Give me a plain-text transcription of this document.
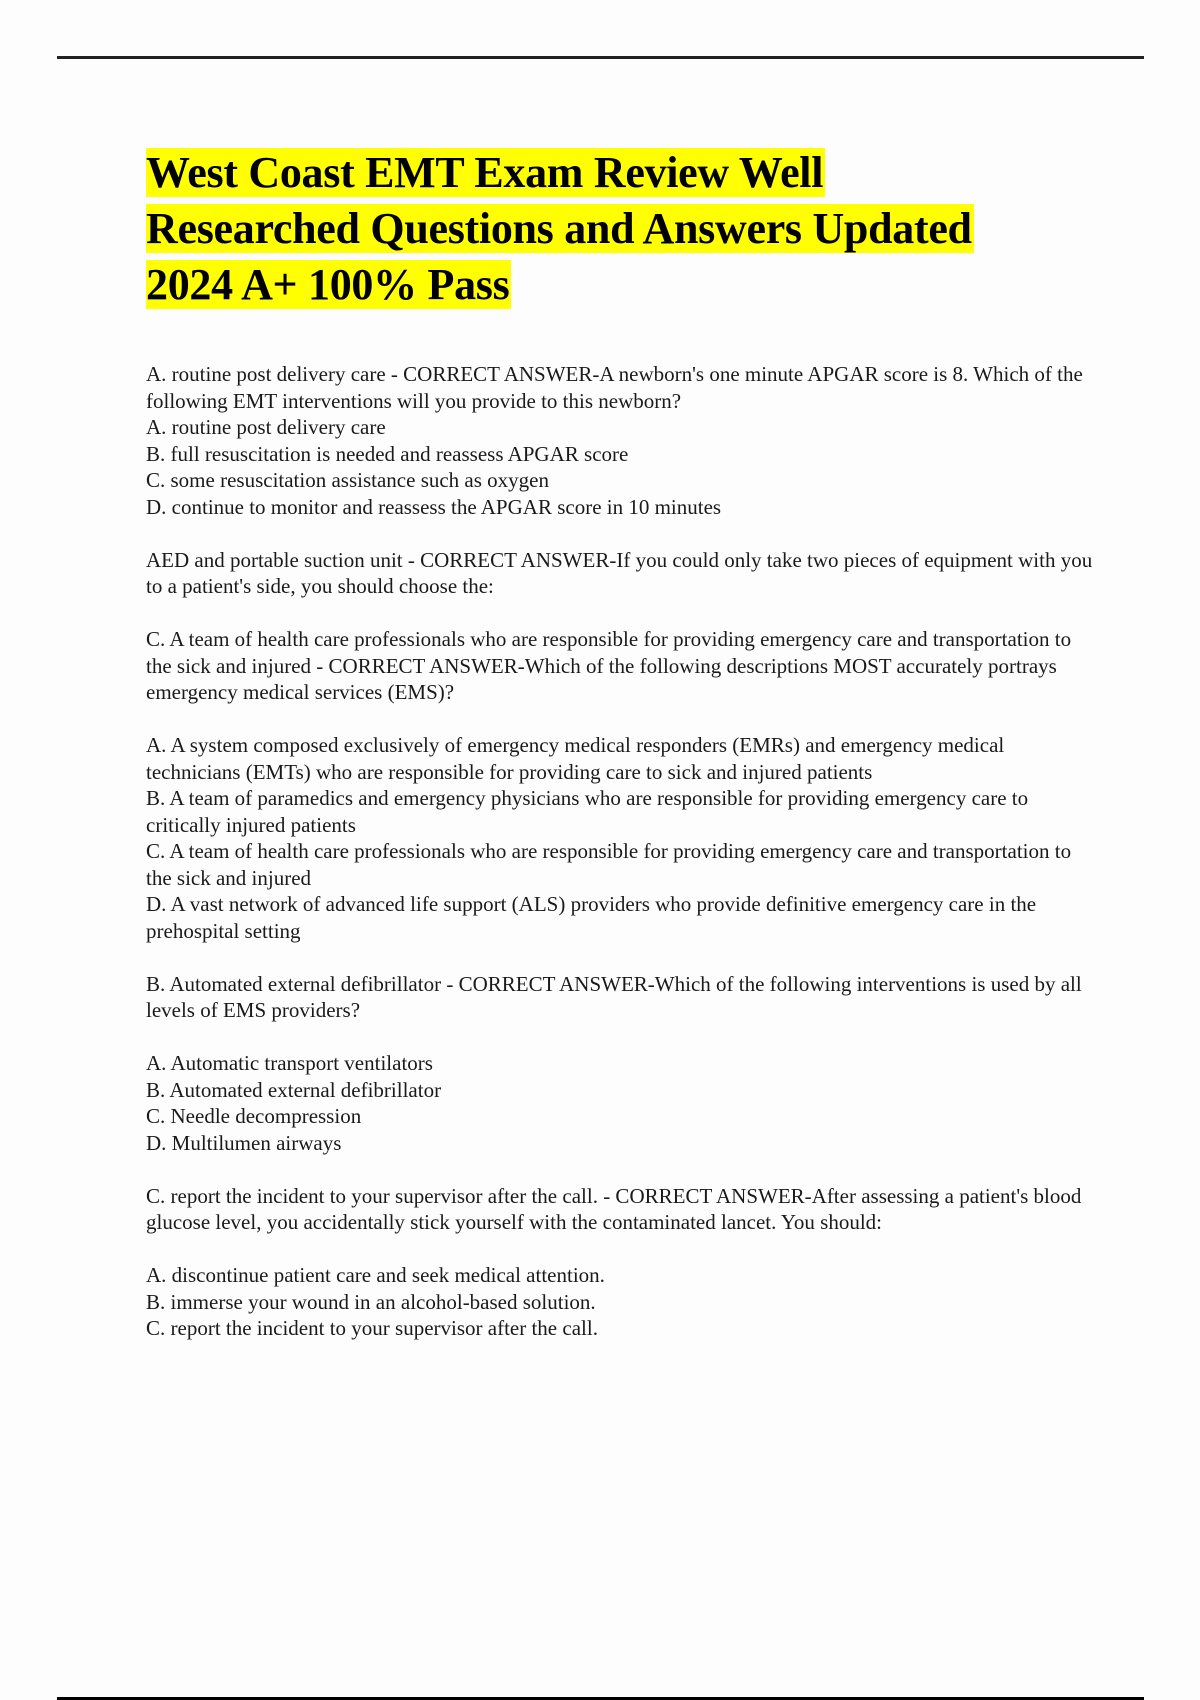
West Coast EMT Exam Review Well
Researched Questions and Answers Updated
2024 A+ 100% Pass

A. routine post delivery care - CORRECT ANSWER-A newborn's one minute APGAR score is 8. Which of the following EMT interventions will you provide to this newborn?

A. routine post delivery care
B. full resuscitation is needed and reassess APGAR score
C. some resuscitation assistance such as oxygen
D. continue to monitor and reassess the APGAR score in 10 minutes

AED and portable suction unit - CORRECT ANSWER-If you could only take two pieces of equipment with you to a patient's side, you should choose the:

C. A team of health care professionals who are responsible for providing emergency care and transportation to the sick and injured - CORRECT ANSWER-Which of the following descriptions MOST accurately portrays emergency medical services (EMS)?

A. A system composed exclusively of emergency medical responders (EMRs) and emergency medical technicians (EMTs) who are responsible for providing care to sick and injured patients
B. A team of paramedics and emergency physicians who are responsible for providing emergency care to critically injured patients
C. A team of health care professionals who are responsible for providing emergency care and transportation to the sick and injured
D. A vast network of advanced life support (ALS) providers who provide definitive emergency care in the prehospital setting

B. Automated external defibrillator - CORRECT ANSWER-Which of the following interventions is used by all levels of EMS providers?

A. Automatic transport ventilators
B. Automated external defibrillator
C. Needle decompression
D. Multilumen airways

C. report the incident to your supervisor after the call. - CORRECT ANSWER-After assessing a patient's blood glucose level, you accidentally stick yourself with the contaminated lancet. You should:

A. discontinue patient care and seek medical attention.
B. immerse your wound in an alcohol-based solution.
C. report the incident to your supervisor after the call.
